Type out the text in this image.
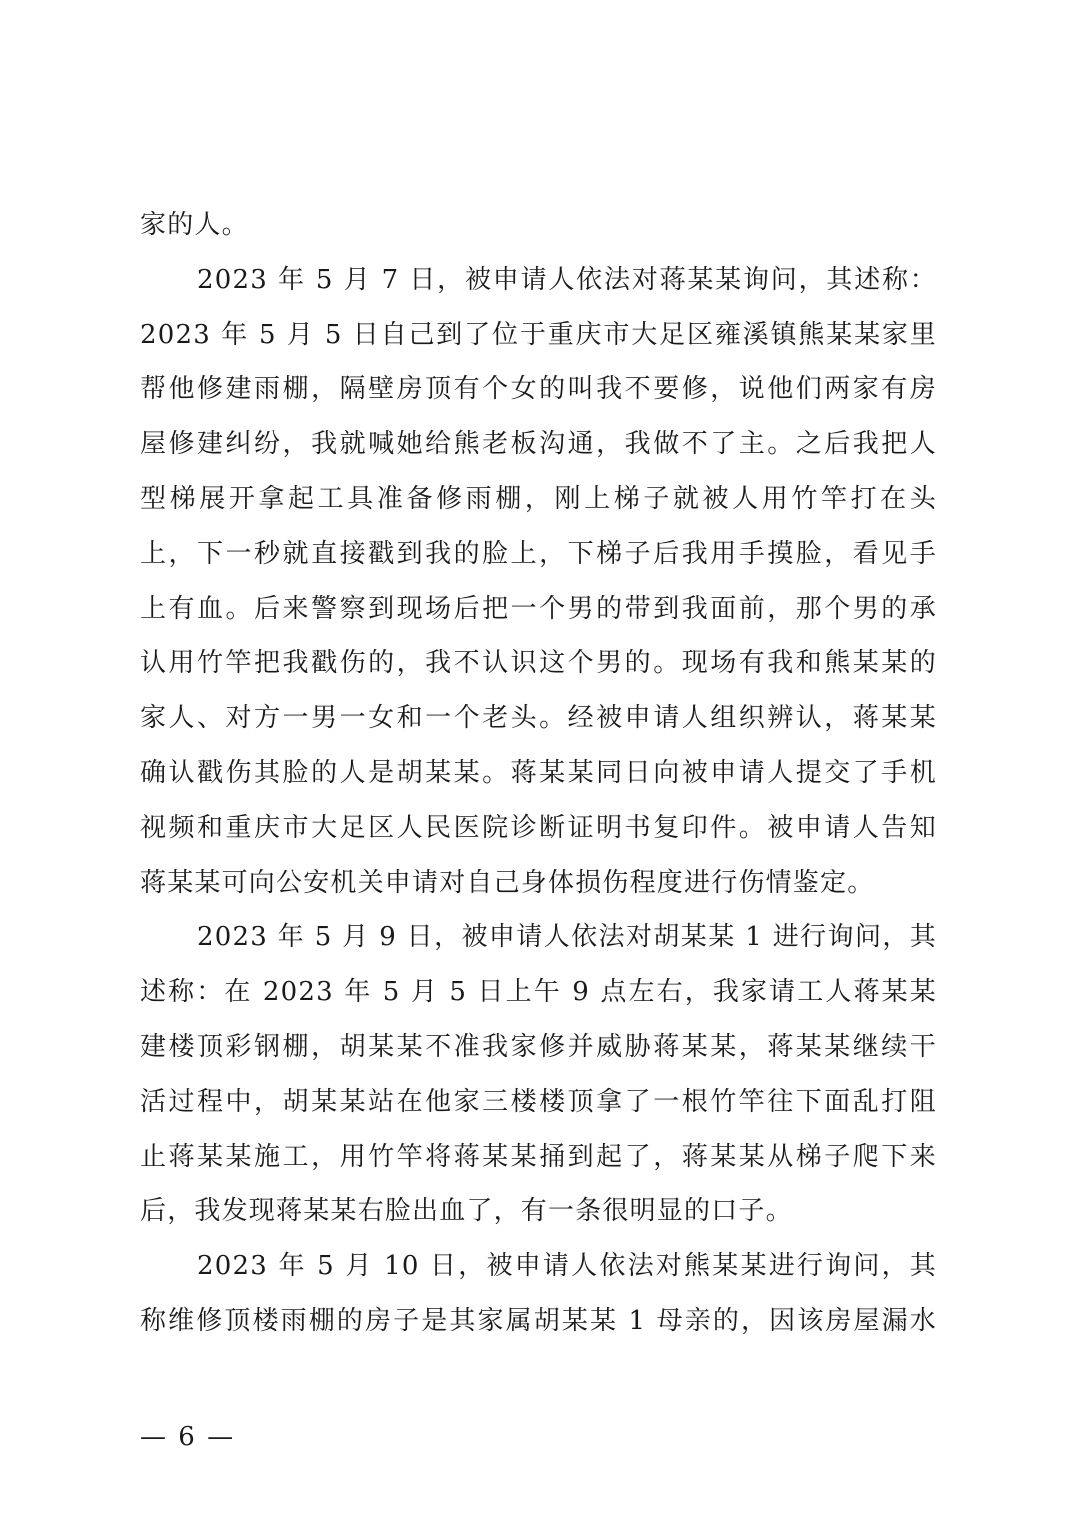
家的人。
2023 年 5 月 7 日，被申请人依法对蒋某某询问，其述称：
2023 年 5 月 5 日自己到了位于重庆市大足区雍溪镇熊某某家里
帮他修建雨棚，隔壁房顶有个女的叫我不要修，说他们两家有房
屋修建纠纷，我就喊她给熊老板沟通，我做不了主。之后我把人
型梯展开拿起工具准备修雨棚，刚上梯子就被人用竹竿打在头
上，下一秒就直接戳到我的脸上，下梯子后我用手摸脸，看见手
上有血。后来警察到现场后把一个男的带到我面前，那个男的承
认用竹竿把我戳伤的，我不认识这个男的。现场有我和熊某某的
家人、对方一男一女和一个老头。经被申请人组织辨认，蒋某某
确认戳伤其脸的人是胡某某。蒋某某同日向被申请人提交了手机
视频和重庆市大足区人民医院诊断证明书复印件。被申请人告知
蒋某某可向公安机关申请对自己身体损伤程度进行伤情鉴定。
2023 年 5 月 9 日，被申请人依法对胡某某 1 进行询问，其
述称：在 2023 年 5 月 5 日上午 9 点左右，我家请工人蒋某某
建楼顶彩钢棚，胡某某不准我家修并威胁蒋某某，蒋某某继续干
活过程中，胡某某站在他家三楼楼顶拿了一根竹竿往下面乱打阻
止蒋某某施工，用竹竿将蒋某某捅到起了，蒋某某从梯子爬下来
后，我发现蒋某某右脸出血了，有一条很明显的口子。
2023 年 5 月 10 日，被申请人依法对熊某某进行询问，其
称维修顶楼雨棚的房子是其家属胡某某 1 母亲的，因该房屋漏水
— 6 —
